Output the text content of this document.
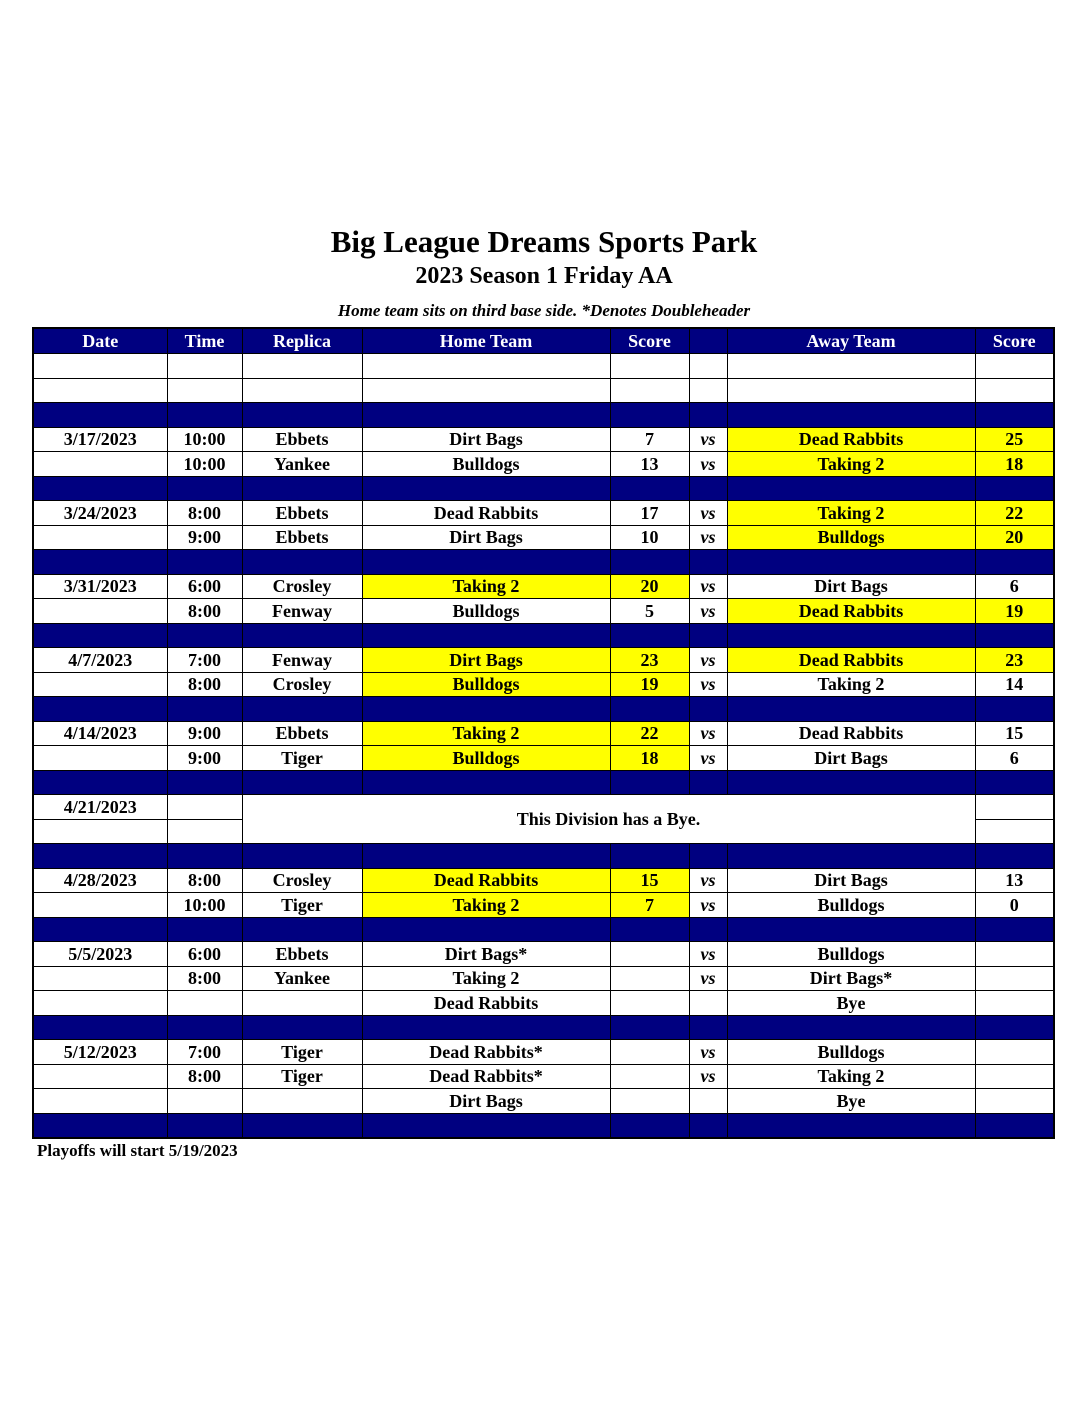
Big League Dreams Sports Park
2023 Season 1 Friday AA
Home team sits on third base side. *Denotes Doubleheader
Date	Time	Replica	Home Team	Score		Away Team	Score

3/17/2023	10:00	Ebbets	Dirt Bags	7	vs	Dead Rabbits	25
	10:00	Yankee	Bulldogs	13	vs	Taking 2	18

3/24/2023	8:00	Ebbets	Dead Rabbits	17	vs	Taking 2	22
	9:00	Ebbets	Dirt Bags	10	vs	Bulldogs	20

3/31/2023	6:00	Crosley	Taking 2	20	vs	Dirt Bags	6
	8:00	Fenway	Bulldogs	5	vs	Dead Rabbits	19

4/7/2023	7:00	Fenway	Dirt Bags	23	vs	Dead Rabbits	23
	8:00	Crosley	Bulldogs	19	vs	Taking 2	14

4/14/2023	9:00	Ebbets	Taking 2	22	vs	Dead Rabbits	15
	9:00	Tiger	Bulldogs	18	vs	Dirt Bags	6

4/21/2023		This Division has a Bye.					

4/28/2023	8:00	Crosley	Dead Rabbits	15	vs	Dirt Bags	13
	10:00	Tiger	Taking 2	7	vs	Bulldogs	0

5/5/2023	6:00	Ebbets	Dirt Bags*		vs	Bulldogs	
	8:00	Yankee	Taking 2		vs	Dirt Bags*	
			Dead Rabbits			Bye	

5/12/2023	7:00	Tiger	Dead Rabbits*		vs	Bulldogs	
	8:00	Tiger	Dead Rabbits*		vs	Taking 2	
			Dirt Bags			Bye	

Playoffs will start 5/19/2023
